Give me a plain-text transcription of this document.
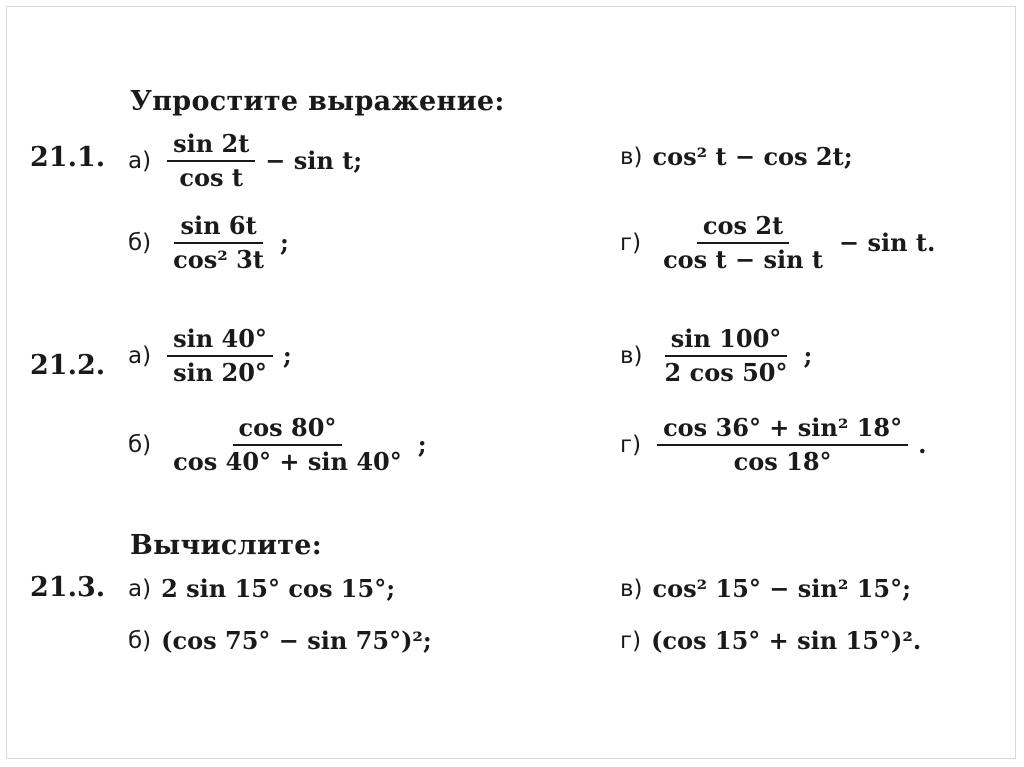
Упростите выражение:
21.1. $а) \frac{\sin 2t}{\text{cos t}} - \sin t$;	в) cos² t − cos 2t;
$б) \frac{\sin 6t}{\text{cos² 3t}}$ ;	$г) \frac{\cos 2t}{\text{cos t − sin t}} - \sin t$.
21.2. $а) \frac{\sin 40^\circ}{\sin 20^\circ}$ ;	$в) \frac{\sin 100^\circ}{2 \cos 50^\circ}$ ;
$б) \frac{\cos 80^\circ}{\cos 40^\circ + \sin 40^\circ}$ ;	$г) \frac{\text{cos 36° + sin² 18°}}{\cos 18^\circ}$ .
Вычислите:
21.3. а) 2 sin 15° cos 15°;	в) cos² 15° − sin² 15°;
б) (cos 75° − sin 75°)²;	г) (cos 15° + sin 15°)².
